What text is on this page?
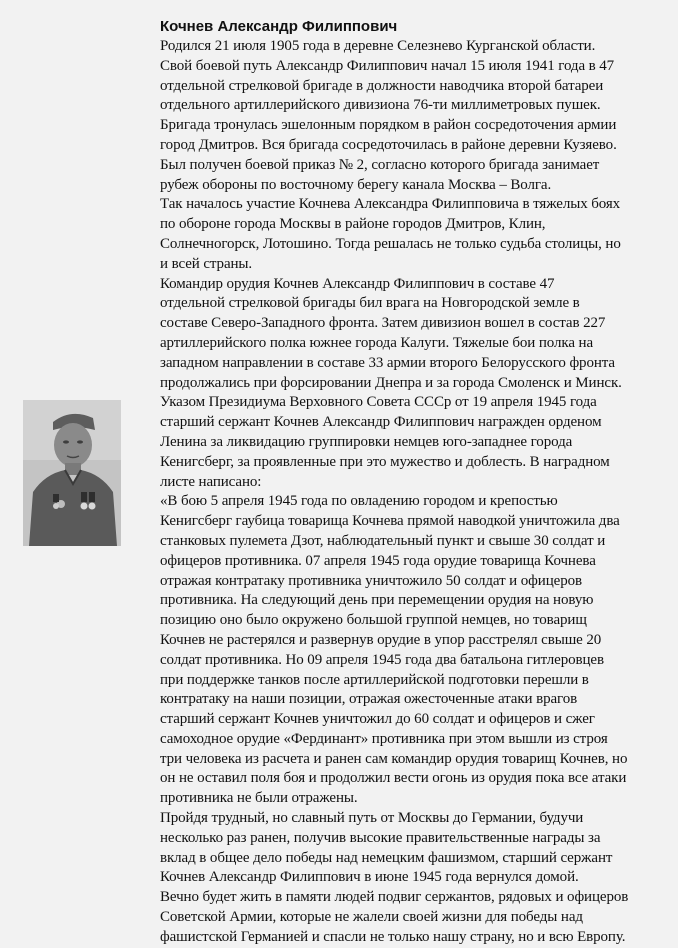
Кочнев Александр Филиппович
Родился 21 июля 1905 года в деревне Селезнево Курганской области.
Свой боевой путь Александр Филиппович начал 15 июля 1941 года в 47
отдельной стрелковой бригаде в должности наводчика второй батареи
отдельного артиллерийского дивизиона 76-ти миллиметровых пушек.
Бригада тронулась эшелонным порядком в район сосредоточения армии
город Дмитров. Вся бригада сосредоточилась в районе деревни Кузяево.
Был получен боевой приказ № 2, согласно которого бригада занимает
рубеж обороны по восточному берегу канала Москва – Волга.
Так началось участие Кочнева Александра Филипповича в тяжелых боях
по обороне города Москвы в районе городов Дмитров, Клин,
Солнечногорск, Лотошино. Тогда решалась не только судьба столицы, но
и всей страны.
Командир орудия Кочнев Александр Филиппович в составе 47
отдельной стрелковой бригады бил врага на Новгородской земле в
составе Северо-Западного фронта. Затем дивизион вошел в состав 227
артиллерийского полка южнее города Калуги. Тяжелые бои полка на
западном направлении в составе 33 армии второго Белорусского фронта
продолжались при форсировании Днепра и за города Смоленск и Минск.
Указом Президиума Верховного Совета СССр от 19 апреля 1945 года
старший сержант Кочнев Александр Филиппович награжден орденом
Ленина за ликвидацию группировки немцев юго-западнее города
Кенигсберг, за проявленные при это мужество и доблесть. В наградном
листе написано:
«В бою 5 апреля 1945 года по овладению городом и крепостью
Кенигсберг гаубица товарища Кочнева прямой наводкой уничтожила два
станковых пулемета Дзот, наблюдательный пункт и свыше 30 солдат и
офицеров противника. 07 апреля 1945 года орудие товарища Кочнева
отражая контратаку противника уничтожило 50 солдат и офицеров
противника. На следующий день при перемещении орудия на новую
позицию оно было окружено большой группой немцев, но товарищ
Кочнев не растерялся и развернув орудие в упор расстрелял свыше 20
солдат противника. Но 09 апреля 1945 года два батальона гитлеровцев
при поддержке танков после артиллерийской подготовки перешли в
контратаку на наши позиции, отражая ожесточенные атаки врагов
старший сержант Кочнев уничтожил до 60 солдат и офицеров и сжег
самоходное орудие «Фердинант» противника при этом вышли из строя
три человека из расчета и ранен сам командир орудия товарищ Кочнев, но
он не оставил поля боя и продолжил вести огонь из орудия пока все атаки
противника не были отражены.
Пройдя трудный, но славный путь от Москвы до Германии, будучи
несколько раз ранен, получив высокие правительственные награды за
вклад в общее дело победы над немецким фашизмом, старший сержант
Кочнев Александр Филиппович в июне 1945 года вернулся домой.
Вечно будет жить в памяти людей подвиг сержантов, рядовых и офицеров
Советской Армии, которые не жалели своей жизни для победы над
фашистской Германией и спасли не только нашу страну, но и всю Европу.
